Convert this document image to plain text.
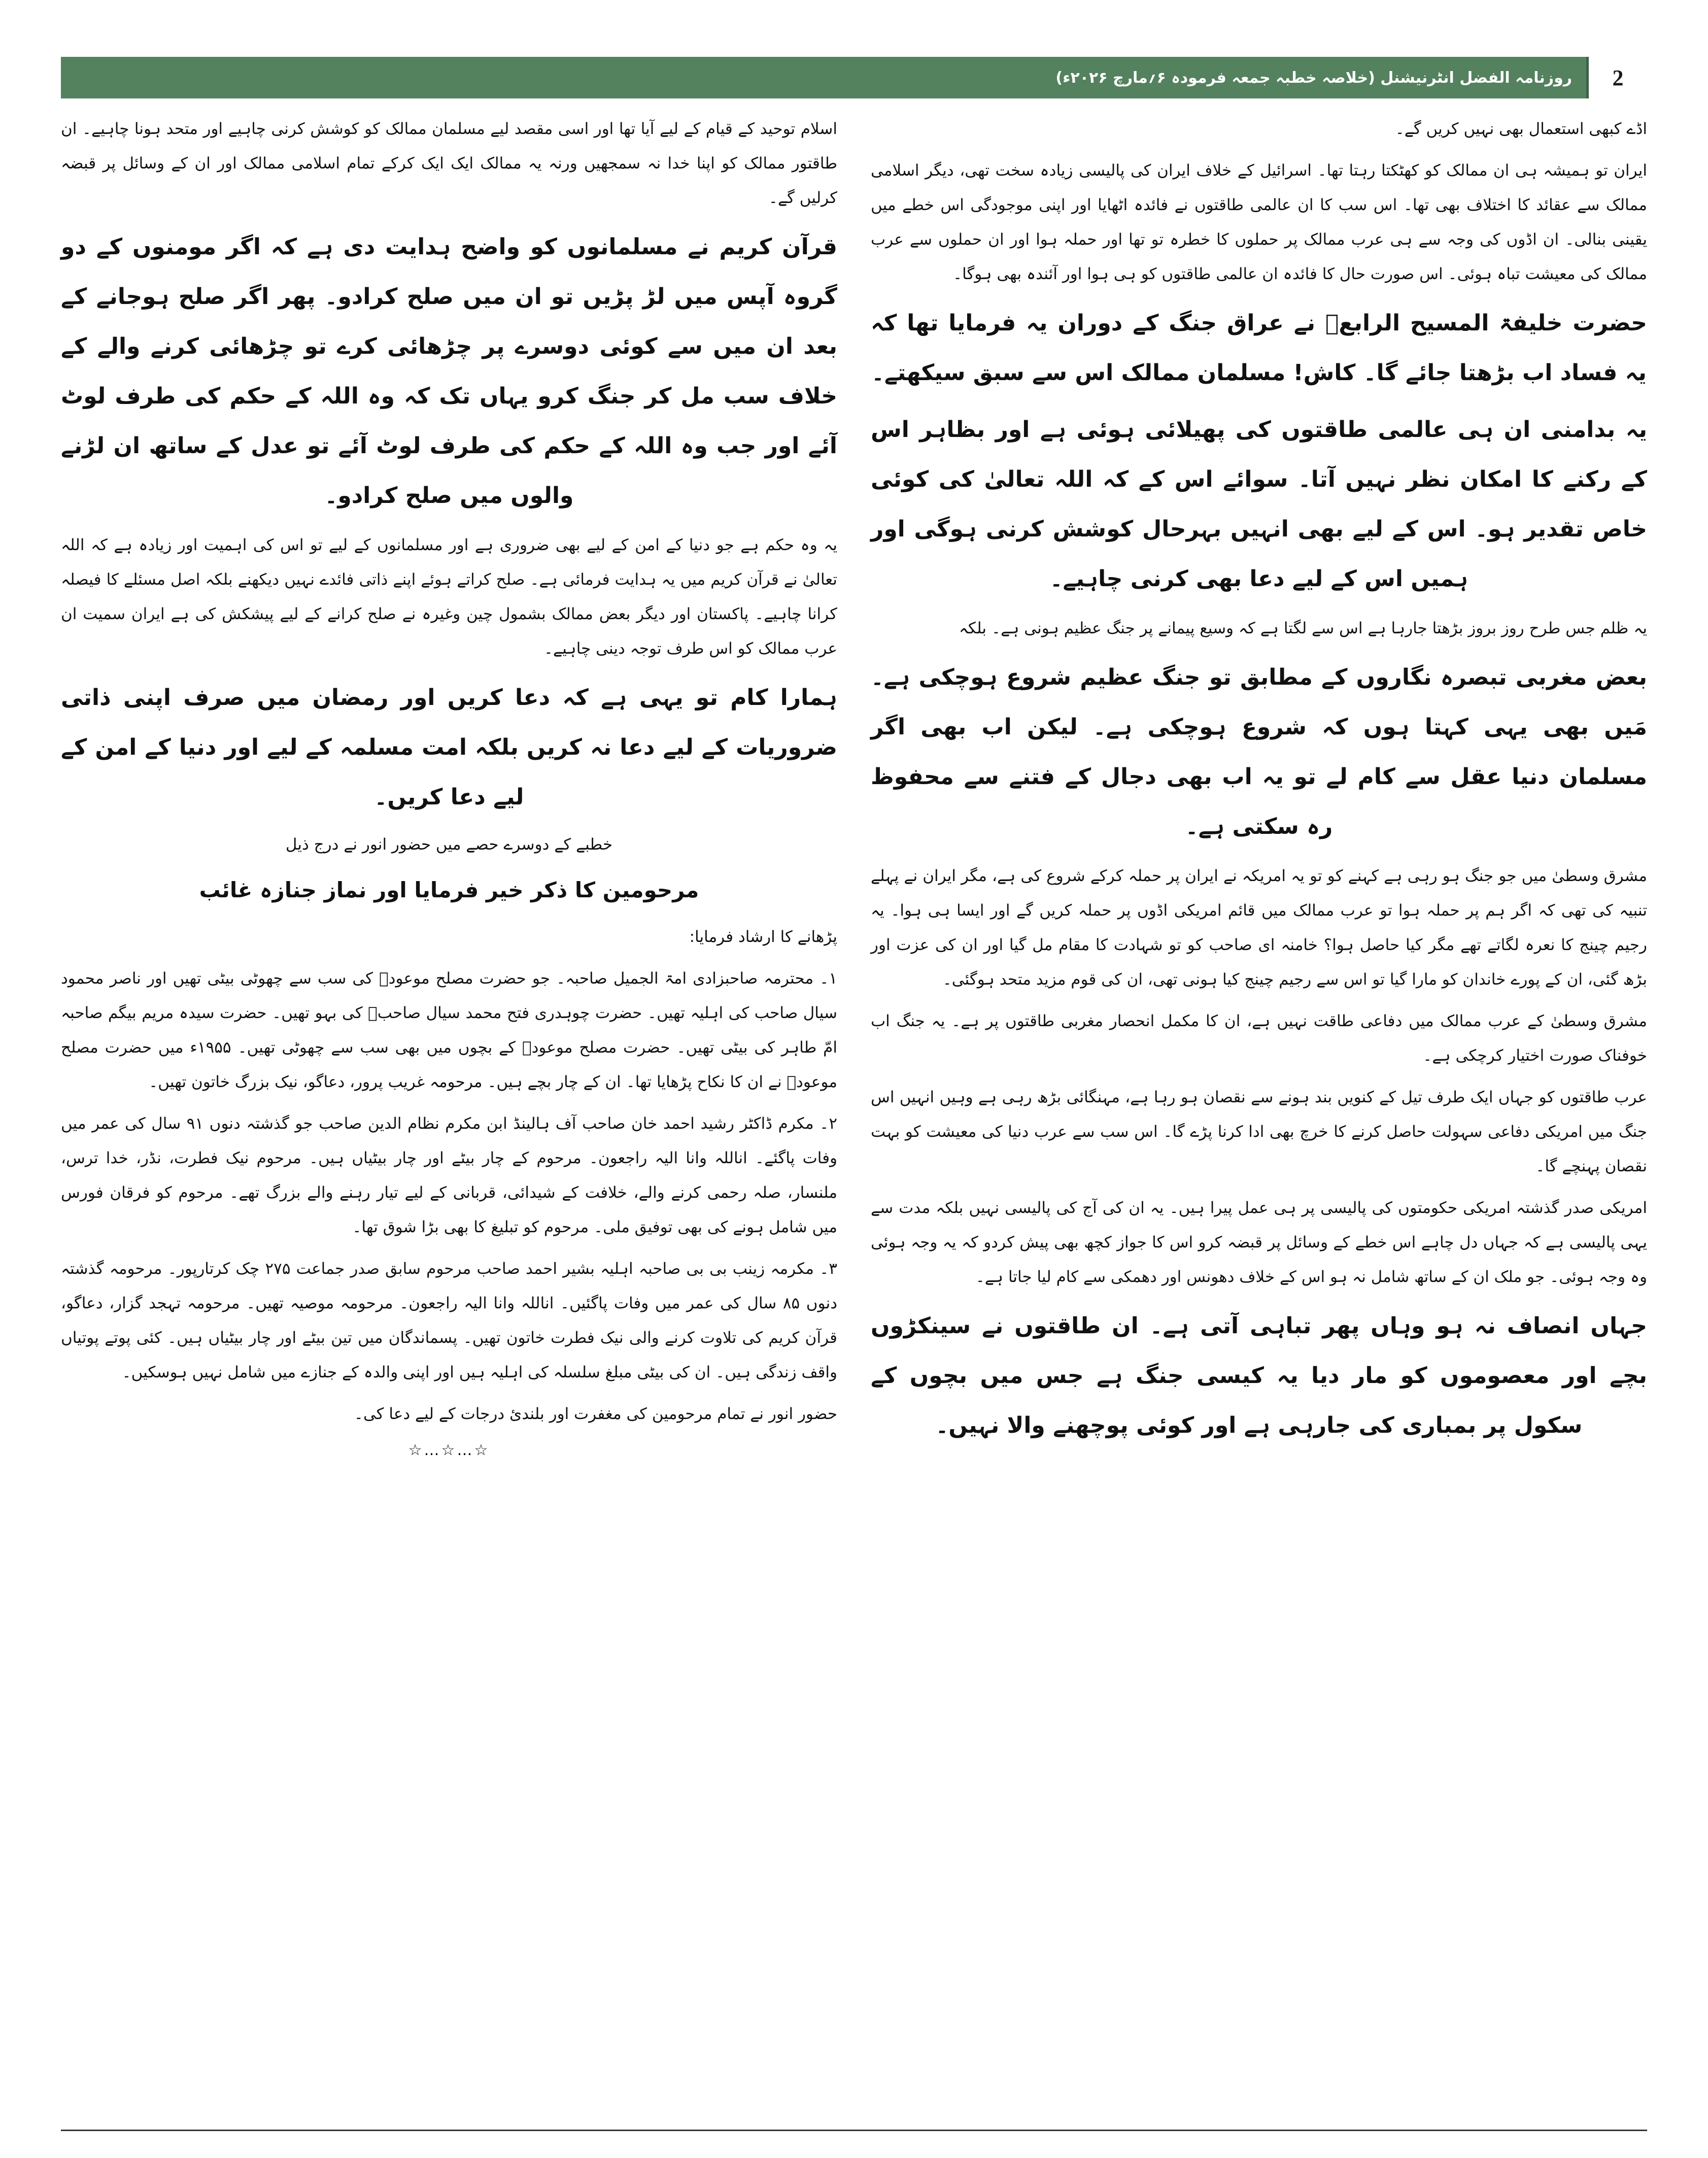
روزنامہ الفضل انٹرنیشنل (خلاصہ خطبہ جمعہ فرمودہ ۶؍مارچ ۲۰۲۶ء)	2

اڈے کبھی استعمال بھی نہیں کریں گے۔

ایران تو ہمیشہ ہی ان ممالک کو کھٹکتا رہتا تھا۔ اسرائیل کے خلاف ایران کی پالیسی زیادہ سخت تھی، دیگر اسلامی ممالک سے عقائد کا اختلاف بھی تھا۔ اس سب کا ان عالمی طاقتوں نے فائدہ اٹھایا اور اپنی موجودگی اس خطے میں یقینی بنالی۔ ان اڈوں کی وجہ سے ہی عرب ممالک پر حملوں کا خطرہ تو تھا اور حملہ ہوا اور ان حملوں سے عرب ممالک کی معیشت تباہ ہوئی۔ اس صورت حال کا فائدہ ان عالمی طاقتوں کو ہی ہوا اور آئندہ بھی ہوگا۔

حضرت خلیفۃ المسیح الرابعؒ نے عراق جنگ کے دوران یہ فرمایا تھا کہ یہ فساد اب بڑھتا جائے گا۔ کاش! مسلمان ممالک اس سے سبق سیکھتے۔

یہ بدامنی ان ہی عالمی طاقتوں کی پھیلائی ہوئی ہے اور بظاہر اس کے رکنے کا امکان نظر نہیں آتا۔ سوائے اس کے کہ اللہ تعالیٰ کی کوئی خاص تقدیر ہو۔ اس کے لیے بھی انہیں بہرحال کوشش کرنی ہوگی اور ہمیں اس کے لیے دعا بھی کرنی چاہیے۔

یہ ظلم جس طرح روز بروز بڑھتا جارہا ہے اس سے لگتا ہے کہ وسیع پیمانے پر جنگ عظیم ہونی ہے۔ بلکہ

بعض مغربی تبصرہ نگاروں کے مطابق تو جنگ عظیم شروع ہوچکی ہے۔ مَیں بھی یہی کہتا ہوں کہ شروع ہوچکی ہے۔ لیکن اب بھی اگر مسلمان دنیا عقل سے کام لے تو یہ اب بھی دجال کے فتنے سے محفوظ رہ سکتی ہے۔

مشرق وسطیٰ میں جو جنگ ہو رہی ہے کہنے کو تو یہ امریکہ نے ایران پر حملہ کرکے شروع کی ہے، مگر ایران نے پہلے تنبیہ کی تھی کہ اگر ہم پر حملہ ہوا تو عرب ممالک میں قائم امریکی اڈوں پر حملہ کریں گے اور ایسا ہی ہوا۔ یہ رجیم چینج کا نعرہ لگاتے تھے مگر کیا حاصل ہوا؟ خامنہ ای صاحب کو تو شہادت کا مقام مل گیا اور ان کی عزت اور بڑھ گئی، ان کے پورے خاندان کو مارا گیا تو اس سے رجیم چینج کیا ہونی تھی، ان کی قوم مزید متحد ہوگئی۔

مشرق وسطیٰ کے عرب ممالک میں دفاعی طاقت نہیں ہے، ان کا مکمل انحصار مغربی طاقتوں پر ہے۔ یہ جنگ اب خوفناک صورت اختیار کرچکی ہے۔

عرب طاقتوں کو جہاں ایک طرف تیل کے کنویں بند ہونے سے نقصان ہو رہا ہے، مہنگائی بڑھ رہی ہے وہیں انہیں اس جنگ میں امریکی دفاعی سہولت حاصل کرنے کا خرچ بھی ادا کرنا پڑے گا۔ اس سب سے عرب دنیا کی معیشت کو بہت نقصان پہنچے گا۔

امریکی صدر گذشتہ امریکی حکومتوں کی پالیسی پر ہی عمل پیرا ہیں۔ یہ ان کی آج کی پالیسی نہیں بلکہ مدت سے یہی پالیسی ہے کہ جہاں دل چاہے اس خطے کے وسائل پر قبضہ کرو اس کا جواز کچھ بھی پیش کردو کہ یہ وجہ ہوئی وہ وجہ ہوئی۔ جو ملک ان کے ساتھ شامل نہ ہو اس کے خلاف دھونس اور دھمکی سے کام لیا جاتا ہے۔

جہاں انصاف نہ ہو وہاں پھر تباہی آتی ہے۔ ان طاقتوں نے سینکڑوں بچے اور معصوموں کو مار دیا یہ کیسی جنگ ہے جس میں بچوں کے سکول پر بمباری کی جارہی ہے اور کوئی پوچھنے والا نہیں۔

اسلام توحید کے قیام کے لیے آیا تھا اور اسی مقصد لیے مسلمان ممالک کو کوشش کرنی چاہیے اور متحد ہونا چاہیے۔ ان طاقتور ممالک کو اپنا خدا نہ سمجھیں ورنہ یہ ممالک ایک ایک کرکے تمام اسلامی ممالک اور ان کے وسائل پر قبضہ کرلیں گے۔

قرآن کریم نے مسلمانوں کو واضح ہدایت دی ہے کہ اگر مومنوں کے دو گروہ آپس میں لڑ پڑیں تو ان میں صلح کرادو۔ پھر اگر صلح ہوجانے کے بعد ان میں سے کوئی دوسرے پر چڑھائی کرے تو چڑھائی کرنے والے کے خلاف سب مل کر جنگ کرو یہاں تک کہ وہ اللہ کے حکم کی طرف لوٹ آئے اور جب وہ اللہ کے حکم کی طرف لوٹ آئے تو عدل کے ساتھ ان لڑنے والوں میں صلح کرادو۔

یہ وہ حکم ہے جو دنیا کے امن کے لیے بھی ضروری ہے اور مسلمانوں کے لیے تو اس کی اہمیت اور زیادہ ہے کہ اللہ تعالیٰ نے قرآن کریم میں یہ ہدایت فرمائی ہے۔ صلح کراتے ہوئے اپنے ذاتی فائدے نہیں دیکھنے بلکہ اصل مسئلے کا فیصلہ کرانا چاہیے۔ پاکستان اور دیگر بعض ممالک بشمول چین وغیرہ نے صلح کرانے کے لیے پیشکش کی ہے ایران سمیت ان عرب ممالک کو اس طرف توجہ دینی چاہیے۔

ہمارا کام تو یہی ہے کہ دعا کریں اور رمضان میں صرف اپنی ذاتی ضروریات کے لیے دعا نہ کریں بلکہ امت مسلمہ کے لیے اور دنیا کے امن کے لیے دعا کریں۔

خطبے کے دوسرے حصے میں حضور انور نے درج ذیل

مرحومین کا ذکر خیر فرمایا اور نماز جنازہ غائب

پڑھانے کا ارشاد فرمایا:

۱۔ محترمہ صاحبزادی امۃ الجمیل صاحبہ۔ جو حضرت مصلح موعودؓ کی سب سے چھوٹی بیٹی تھیں اور ناصر محمود سیال صاحب کی اہلیہ تھیں۔ حضرت چوہدری فتح محمد سیال صاحبؓ کی بہو تھیں۔ حضرت سیدہ مریم بیگم صاحبہ امّ طاہر کی بیٹی تھیں۔ حضرت مصلح موعودؓ کے بچوں میں بھی سب سے چھوٹی تھیں۔ ۱۹۵۵ء میں حضرت مصلح موعودؓ نے ان کا نکاح پڑھایا تھا۔ ان کے چار بچے ہیں۔ مرحومہ غریب پرور، دعاگو، نیک بزرگ خاتون تھیں۔

۲۔ مکرم ڈاکٹر رشید احمد خان صاحب آف ہالینڈ ابن مکرم نظام الدین صاحب جو گذشتہ دنوں ۹۱ سال کی عمر میں وفات پاگئے۔ اناللہ وانا الیہ راجعون۔ مرحوم کے چار بیٹے اور چار بیٹیاں ہیں۔ مرحوم نیک فطرت، نڈر، خدا ترس، ملنسار، صلہ رحمی کرنے والے، خلافت کے شیدائی، قربانی کے لیے تیار رہنے والے بزرگ تھے۔ مرحوم کو فرقان فورس میں شامل ہونے کی بھی توفیق ملی۔ مرحوم کو تبلیغ کا بھی بڑا شوق تھا۔

۳۔ مکرمہ زینب بی بی صاحبہ اہلیہ بشیر احمد صاحب مرحوم سابق صدر جماعت ۲۷۵ چک کرتارپور۔ مرحومہ گذشتہ دنوں ۸۵ سال کی عمر میں وفات پاگئیں۔ اناللہ وانا الیہ راجعون۔ مرحومہ موصیہ تھیں۔ مرحومہ تہجد گزار، دعاگو، قرآن کریم کی تلاوت کرنے والی نیک فطرت خاتون تھیں۔ پسماندگان میں تین بیٹے اور چار بیٹیاں ہیں۔ کئی پوتے پوتیاں واقف زندگی ہیں۔ ان کی بیٹی مبلغ سلسلہ کی اہلیہ ہیں اور اپنی والدہ کے جنازے میں شامل نہیں ہوسکیں۔

حضور انور نے تمام مرحومین کی مغفرت اور بلندیٔ درجات کے لیے دعا کی۔

☆…☆…☆
